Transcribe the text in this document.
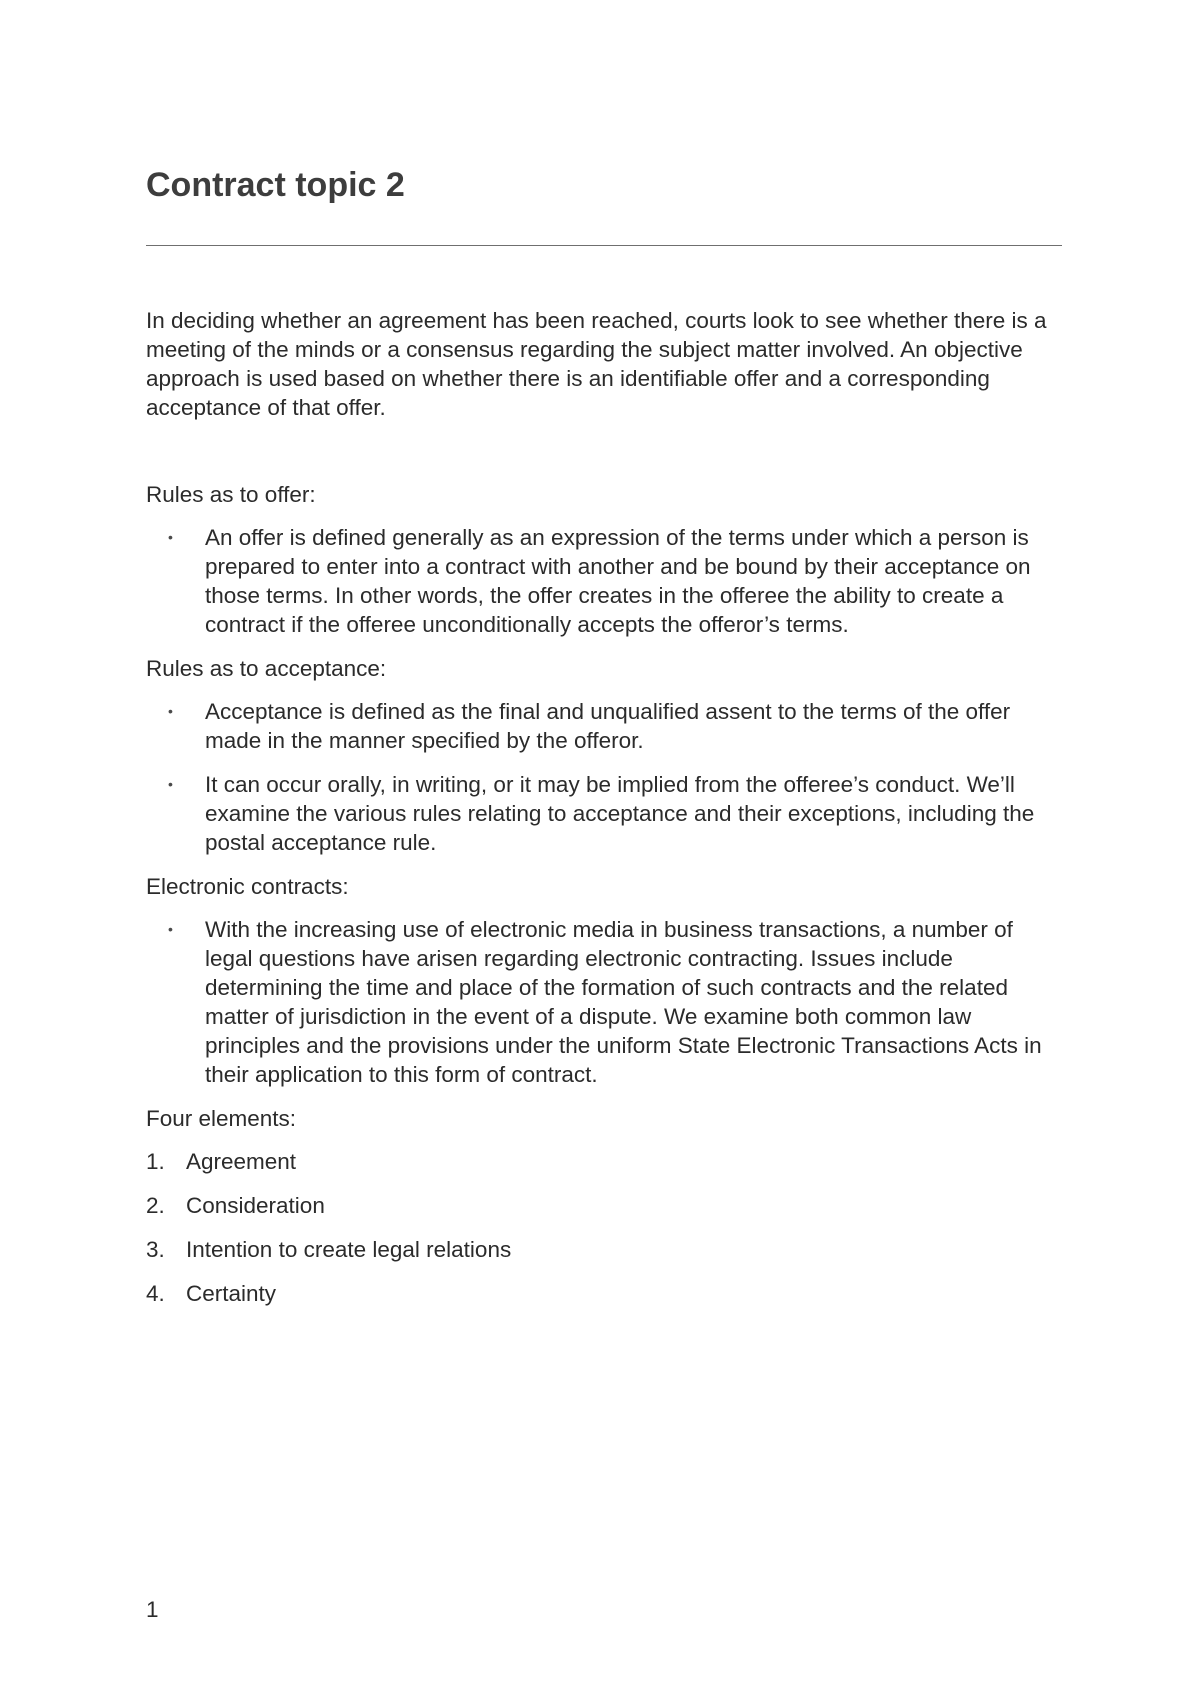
Contract topic 2

In deciding whether an agreement has been reached, courts look to see whether there is a meeting of the minds or a consensus regarding the subject matter involved. An objective approach is used based on whether there is an identifiable offer and a corresponding acceptance of that offer.

Rules as to offer:

• An offer is defined generally as an expression of the terms under which a person is prepared to enter into a contract with another and be bound by their acceptance on those terms. In other words, the offer creates in the offeree the ability to create a contract if the offeree unconditionally accepts the offeror’s terms.

Rules as to acceptance:

• Acceptance is defined as the final and unqualified assent to the terms of the offer made in the manner specified by the offeror.
• It can occur orally, in writing, or it may be implied from the offeree’s conduct. We’ll examine the various rules relating to acceptance and their exceptions, including the postal acceptance rule.

Electronic contracts:

• With the increasing use of electronic media in business transactions, a number of legal questions have arisen regarding electronic contracting. Issues include determining the time and place of the formation of such contracts and the related matter of jurisdiction in the event of a dispute. We examine both common law principles and the provisions under the uniform State Electronic Transactions Acts in their application to this form of contract.

Four elements:

1. Agreement
2. Consideration
3. Intention to create legal relations
4. Certainty
1
